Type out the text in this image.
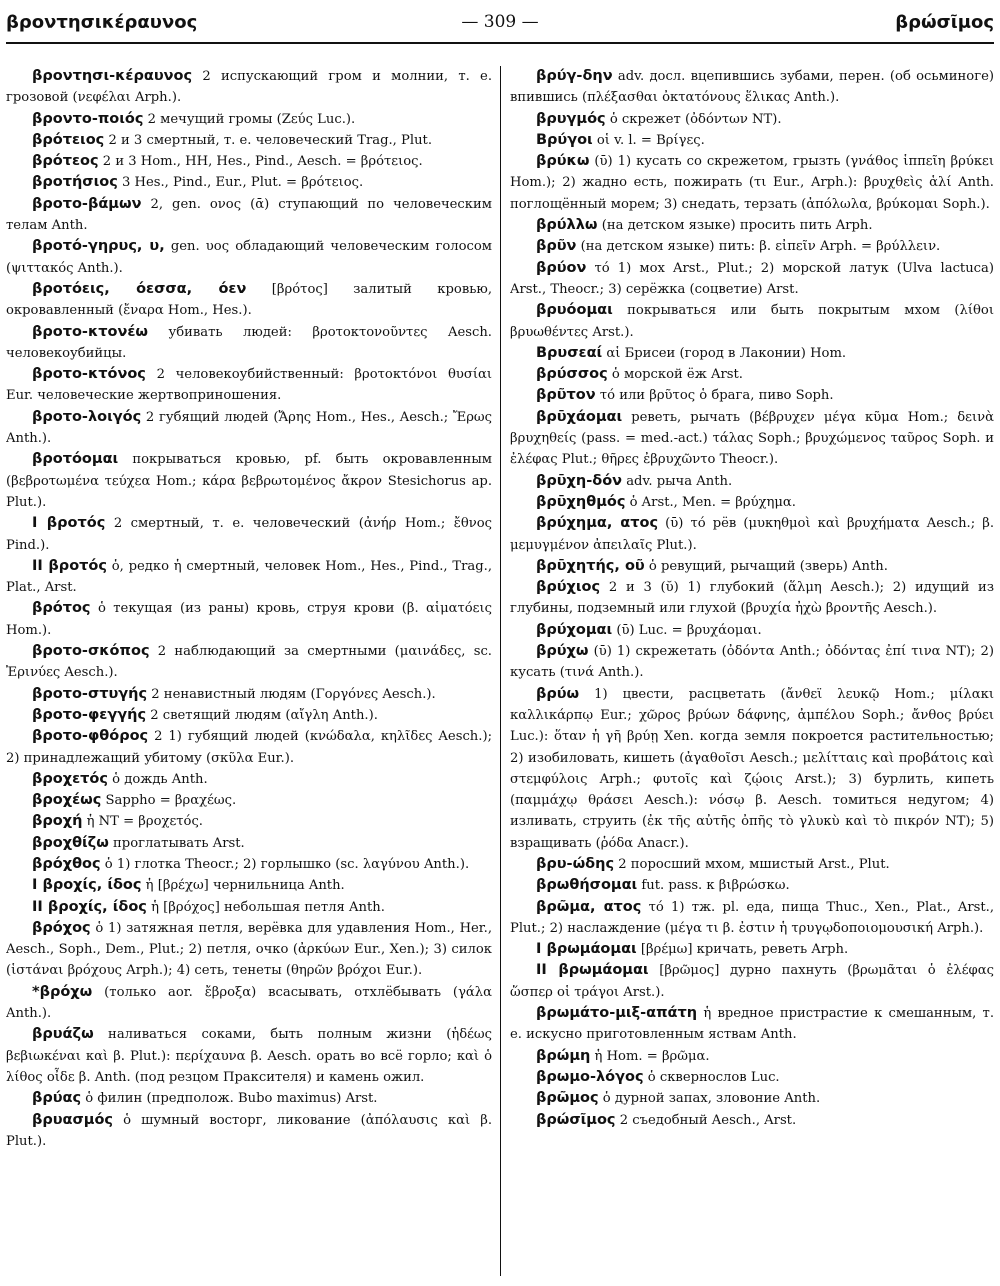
βροντησικέραυνος	— 309 —	βρώσῖμος

βροντησι-κέραυνος 2 испускающий гром и молнии, т. е. грозовой (νεφέλαι Arph.).

βροντο-ποιός 2 мечущий громы (Ζεύς Luc.).

βρότειος 2 и 3 смертный, т. е. человеческий Trag., Plut.

βρότεος 2 и 3 Hom., HH, Hes., Pind., Aesch. = βρότειος.

βροτήσιος 3 Hes., Pind., Eur., Plut. = βρότειος.

βροτο-βάμων 2, gen. ονος (ᾱ) ступающий по человеческим телам Anth.

βροτό-γηρυς, υ, gen. υος обладающий человеческим голосом (ψιττακός Anth.).

βροτόεις, όεσσα, όεν [βρότος] залитый кровью, окровавленный (ἔναρα Hom., Hes.).

βροτο-κτονέω убивать людей: βροτοκτονοῦντες Aesch. человекоубийцы.

βροτο-κτόνος 2 человекоубийственный: βροτοκτόνοι θυσίαι Eur. человеческие жертвоприношения.

βροτο-λοιγός 2 губящий людей (Ἄρης Hom., Hes., Aesch.; Ἔρως Anth.).

βροτόομαι покрываться кровью, pf. быть окровавленным (βεβροτωμένα τεύχεα Hom.; κάρα βεβρωτομένος ἄκρον Stesichorus ap. Plut.).

I βροτός 2 смертный, т. е. человеческий (ἀνήρ Hom.; ἔθνος Pind.).

II βροτός ὁ, редко ἡ смертный, человек Hom., Hes., Pind., Trag., Plat., Arst.

βρότος ὁ текущая (из раны) кровь, струя крови (β. αἱματόεις Hom.).

βροτο-σκόπος 2 наблюдающий за смертными (μαινάδες, sc. Ἐρινύες Aesch.).

βροτο-στυγής 2 ненавистный людям (Γοργόνες Aesch.).

βροτο-φεγγής 2 светящий людям (αἴγλη Anth.).

βροτο-φθόρος 2 1) губящий людей (κνώδαλα, κηλῖδες Aesch.); 2) принадлежащий убитому (σκῦλα Eur.).

βροχετός ὁ дождь Anth.

βροχέως Sappho = βραχέως.

βροχή ἡ NT = βροχετός.

βροχθίζω проглатывать Arst.

βρόχθος ὁ 1) глотка Theocr.; 2) горлышко (sc. λαγύνου Anth.).

I βροχίς, ίδος ἡ [βρέχω] чернильница Anth.

II βροχίς, ίδος ἡ [βρόχος] небольшая петля Anth.

βρόχος ὁ 1) затяжная петля, верёвка для удавления Hom., Her., Aesch., Soph., Dem., Plut.; 2) петля, очко (ἀρκύων Eur., Xen.); 3) силок (ἱστάναι βρόχους Arph.); 4) сеть, тенеты (θηρῶν βρόχοι Eur.).

*βρόχω (только aor. ἔβροξα) всасывать, отхлёбывать (γάλα Anth.).

βρυάζω наливаться соками, быть полным жизни (ἡδέως βεβιωκέναι καὶ β. Plut.): περίχαυνα β. Aesch. орать во всё горло; καὶ ὁ λίθος οἶδε β. Anth. (под резцом Праксителя) и камень ожил.

βρύας ὁ филин (предполож. Bubo maximus) Arst.

βρυασμός ὁ шумный восторг, ликование (ἀπόλαυσις καὶ β. Plut.).

βρύγ-δην adv. досл. вцепившись зубами, перен. (об осьминоге) впившись (πλέξασθαι ὀκτατόνους ἕλικας Anth.).

βρυγμός ὁ скрежет (ὀδόντων NT).

Βρύγοι οἱ v. l. = Βρίγες.

βρύκω (ῡ) 1) кусать со скрежетом, грызть (γνάθος ἱππεῖη βρύκει Hom.); 2) жадно есть, пожирать (τι Eur., Arph.): βρυχθεὶς ἁλί Anth. поглощённый морем; 3) снедать, терзать (ἀπόλωλα, βρύκομαι Soph.).

βρύλλω (на детском языке) просить пить Arph.

βρῦν (на детском языке) пить: β. εἰπεῖν Arph. = βρύλλειν.

βρύον τό 1) мох Arst., Plut.; 2) морской латук (Ulva lactuca) Arst., Theocr.; 3) серёжка (соцветие) Arst.

βρυόομαι покрываться или быть покрытым мхом (λίθοι βρυωθέντες Arst.).

Βρυσεαί αἱ Брисеи (город в Лаконии) Hom.

βρύσσος ὁ морской ёж Arst.

βρῦτον τό или βρῦτος ὁ брага, пиво Soph.

βρῡχάομαι реветь, рычать (βέβρυχεν μέγα κῦμα Hom.; δεινὰ βρυχηθείς (pass. = med.-act.) τάλας Soph.; βρυχώμενος ταῦρος Soph. и ἐλέφας Plut.; θῆρες ἐβρυχῶντο Theocr.).

βρῡχη-δόν adv. рыча Anth.

βρῡχηθμός ὁ Arst., Men. = βρύχημα.

βρύχημα, ατος (ῡ) τό рёв (μυκηθμοὶ καὶ βρυχήματα Aesch.; β. μεμυγμένον ἀπειλαῖς Plut.).

βρῡχητής, οῦ ὁ ревущий, рычащий (зверь) Anth.

βρύχιος 2 и 3 (ῠ) 1) глубокий (ἅλμη Aesch.); 2) идущий из глубины, подземный или глухой (βρυχία ἠχὼ βροντῆς Aesch.).

βρύχομαι (ῡ) Luc. = βρυχάομαι.

βρύχω (ῡ) 1) скрежетать (ὀδόντα Anth.; ὀδόντας ἐπί τινα NT); 2) кусать (τινά Anth.).

βρύω 1) цвести, расцветать (ἄνθεϊ λευκῷ Hom.; μίλακι καλλικάρπῳ Eur.; χῶρος βρύων δάφνης, ἀμπέλου Soph.; ἄνθος βρύει Luc.): ὅταν ἡ γῆ βρύῃ Xen. когда земля покроется растительностью; 2) изобиловать, кишеть (ἀγαθοῖσι Aesch.; μελίτταις καὶ προβάτοις καὶ στεμφύλοις Arph.; φυτοῖς καὶ ζῴοις Arst.); 3) бурлить, кипеть (παμμάχῳ θράσει Aesch.): νόσῳ β. Aesch. томиться недугом; 4) изливать, струить (ἐκ τῆς αὐτῆς ὀπῆς τὸ γλυκὺ καὶ τὸ πικρόν NT); 5) взращивать (ῥόδα Anacr.).

βρυ-ώδης 2 поросший мхом, мшистый Arst., Plut.

βρωθήσομαι fut. pass. к βιβρώσκω.

βρῶμα, ατος τό 1) тж. pl. еда, пища Thuc., Xen., Plat., Arst., Plut.; 2) наслаждение (μέγα τι β. ἐστιν ἡ τρυγῳδοποιομουσική Arph.).

I βρωμάομαι [βρέμω] кричать, реветь Arph.

II βρωμάομαι [βρῶμος] дурно пахнуть (βρωμᾶται ὁ ἐλέφας ὥσπερ οἱ τράγοι Arst.).

βρωμάτο-μιξ-απάτη ἡ вредное пристрастие к смешанным, т. е. искусно приготовленным яствам Anth.

βρώμη ἡ Hom. = βρῶμα.

βρωμο-λόγος ὁ сквернослов Luc.

βρῶμος ὁ дурной запах, зловоние Anth.

βρώσῖμος 2 съедобный Aesch., Arst.
